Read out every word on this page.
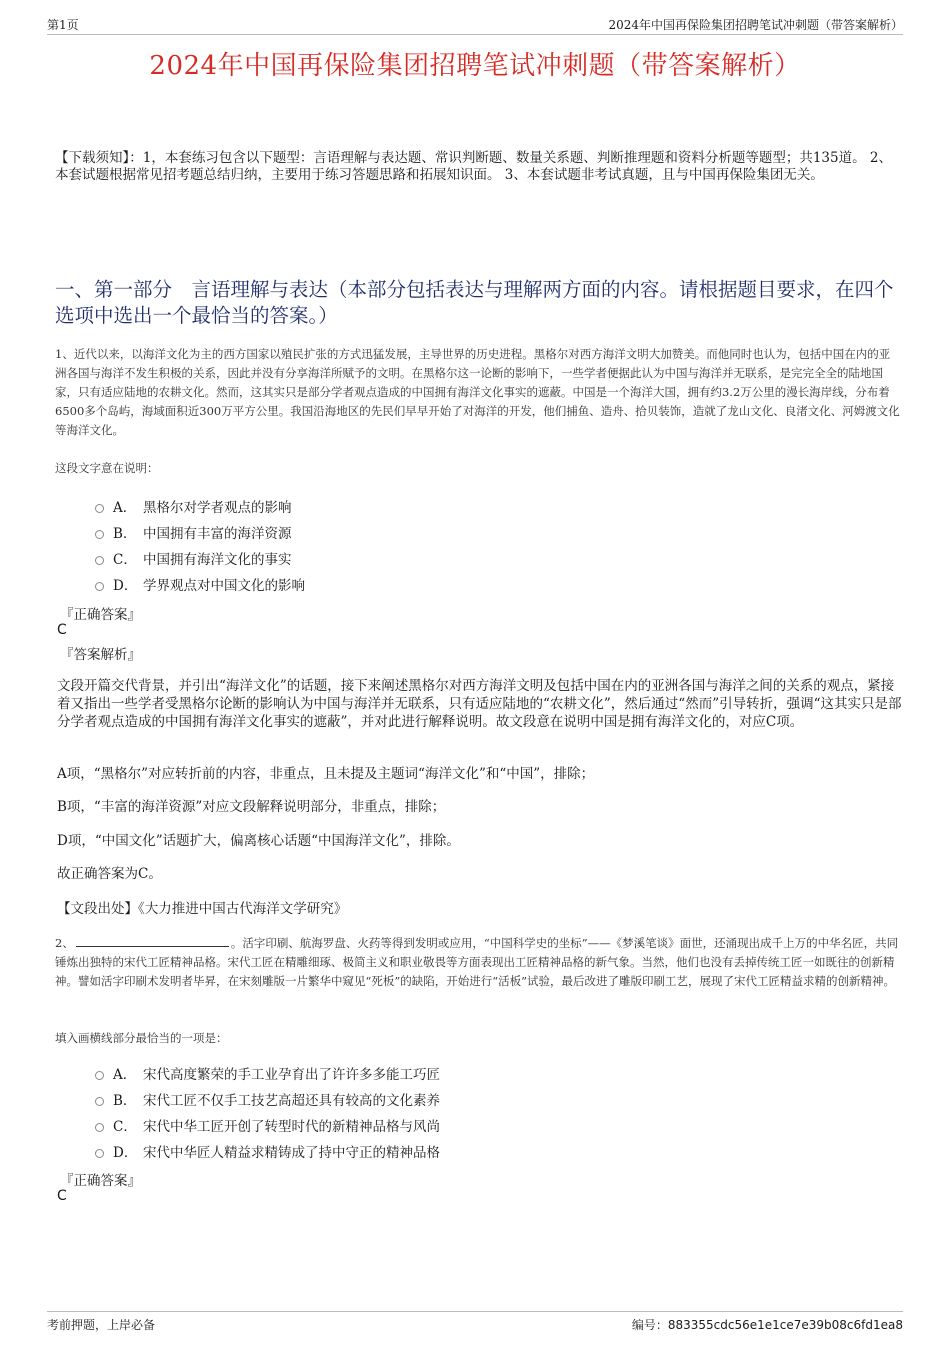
第1页	2024年中国再保险集团招聘笔试冲刺题（带答案解析）
2024年中国再保险集团招聘笔试冲刺题（带答案解析）
【下载须知】：1，本套练习包含以下题型：言语理解与表达题、常识判断题、数量关系题、判断推理题和资料分析题等题型；共135道。 2、本套试题根据常见招考题总结归纳，主要用于练习答题思路和拓展知识面。 3、本套试题非考试真题，且与中国再保险集团无关。
一、第一部分　言语理解与表达（本部分包括表达与理解两方面的内容。请根据题目要求，在四个选项中选出一个最恰当的答案。）
1、近代以来，以海洋文化为主的西方国家以殖民扩张的方式迅猛发展，主导世界的历史进程。黑格尔对西方海洋文明大加赞美。而他同时也认为，包括中国在内的亚洲各国与海洋不发生积极的关系，因此并没有分享海洋所赋予的文明。在黑格尔这一论断的影响下，一些学者便据此认为中国与海洋并无联系，是完完全全的陆地国家，只有适应陆地的农耕文化。然而，这其实只是部分学者观点造成的中国拥有海洋文化事实的遮蔽。中国是一个海洋大国，拥有约3.2万公里的漫长海岸线，分布着6500多个岛屿，海域面积近300万平方公里。我国沿海地区的先民们早早开始了对海洋的开发，他们捕鱼、造舟、拾贝装饰，造就了龙山文化、良渚文化、河姆渡文化等海洋文化。
这段文字意在说明：
A． 黑格尔对学者观点的影响
B． 中国拥有丰富的海洋资源
C． 中国拥有海洋文化的事实
D． 学界观点对中国文化的影响
『正确答案』
C
『答案解析』
文段开篇交代背景，并引出“海洋文化”的话题，接下来阐述黑格尔对西方海洋文明及包括中国在内的亚洲各国与海洋之间的关系的观点，紧接着又指出一些学者受黑格尔论断的影响认为中国与海洋并无联系，只有适应陆地的“农耕文化”，然后通过“然而”引导转折，强调“这其实只是部分学者观点造成的中国拥有海洋文化事实的遮蔽”，并对此进行解释说明。故文段意在说明中国是拥有海洋文化的，对应C项。
A项，“黑格尔”对应转折前的内容，非重点，且未提及主题词“海洋文化”和“中国”，排除；
B项，“丰富的海洋资源”对应文段解释说明部分，非重点，排除；
D项，“中国文化”话题扩大，偏离核心话题“中国海洋文化”，排除。
故正确答案为C。
【文段出处】《大力推进中国古代海洋文学研究》
2、	。活字印刷、航海罗盘、火药等得到发明或应用，“中国科学史的坐标”——《梦溪笔谈》面世，还涌现出成千上万的中华名匠，共同锤炼出独特的宋代工匠精神品格。宋代工匠在精雕细琢、极简主义和职业敬畏等方面表现出工匠精神品格的新气象。当然，他们也没有丢掉传统工匠一如既往的创新精神。譬如活字印刷术发明者毕昇，在宋刻雕版一片繁华中窥见“死板”的缺陷，开始进行“活板”试验，最后改进了雕版印刷工艺，展现了宋代工匠精益求精的创新精神。
填入画横线部分最恰当的一项是：
A． 宋代高度繁荣的手工业孕育出了许许多多能工巧匠
B． 宋代工匠不仅手工技艺高超还具有较高的文化素养
C． 宋代中华工匠开创了转型时代的新精神品格与风尚
D． 宋代中华匠人精益求精铸成了持中守正的精神品格
『正确答案』
C
考前押题，上岸必备	编号：883355cdc56e1e1ce7e39b08c6fd1ea8
